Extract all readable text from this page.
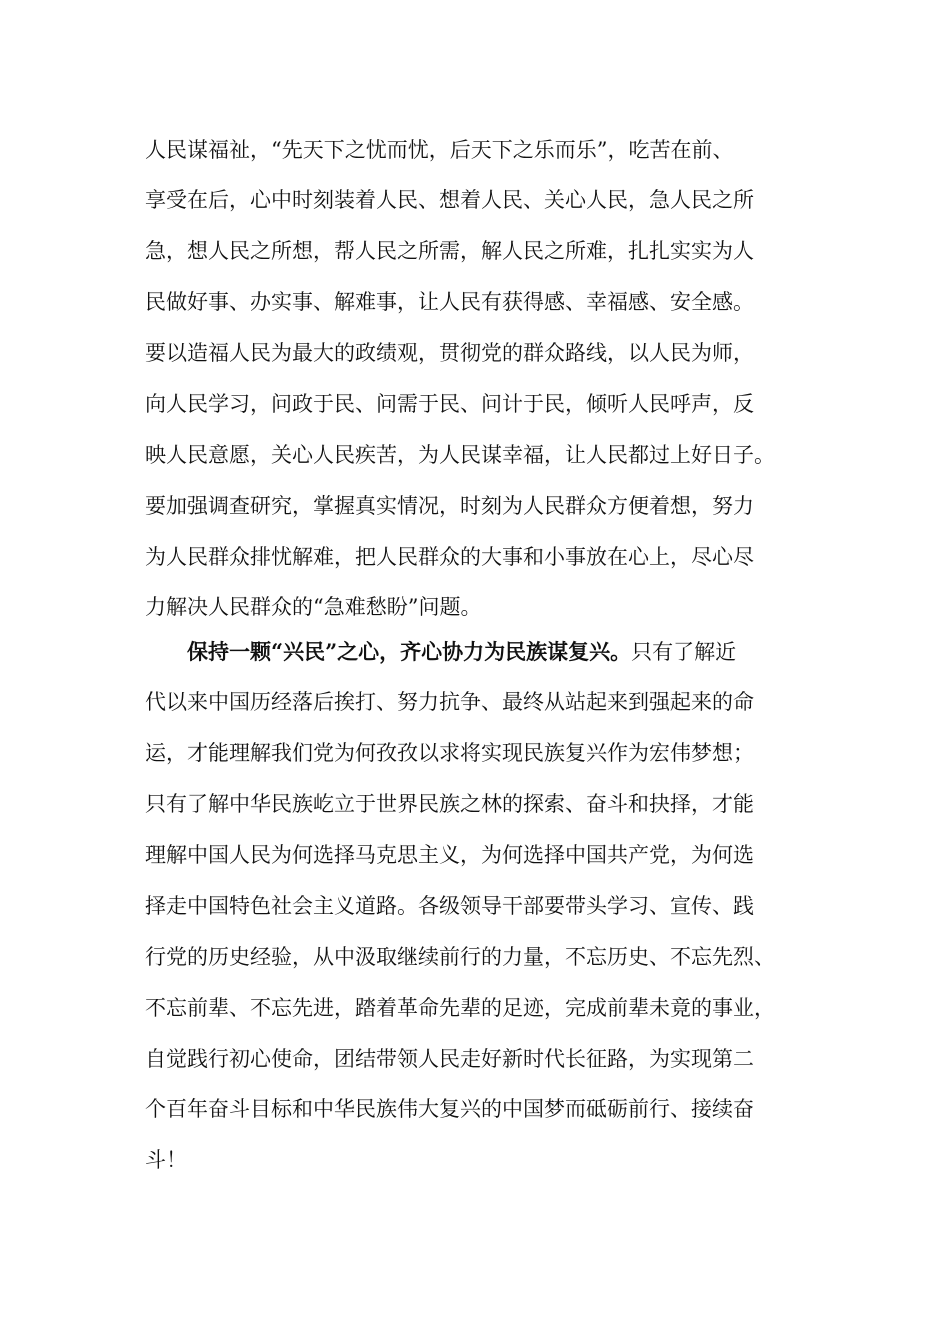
人民谋福祉，“先天下之忧而忧，后天下之乐而乐”，吃苦在前、
享受在后，心中时刻装着人民、想着人民、关心人民，急人民之所
急，想人民之所想，帮人民之所需，解人民之所难，扎扎实实为人
民做好事、办实事、解难事，让人民有获得感、幸福感、安全感。
要以造福人民为最大的政绩观，贯彻党的群众路线，以人民为师，
向人民学习，问政于民、问需于民、问计于民，倾听人民呼声，反
映人民意愿，关心人民疾苦，为人民谋幸福，让人民都过上好日子。
要加强调查研究，掌握真实情况，时刻为人民群众方便着想，努力
为人民群众排忧解难，把人民群众的大事和小事放在心上，尽心尽
力解决人民群众的“急难愁盼”问题。
保持一颗“兴民”之心，齐心协力为民族谋复兴。只有了解近
代以来中国历经落后挨打、努力抗争、最终从站起来到强起来的命
运，才能理解我们党为何孜孜以求将实现民族复兴作为宏伟梦想；
只有了解中华民族屹立于世界民族之林的探索、奋斗和抉择，才能
理解中国人民为何选择马克思主义，为何选择中国共产党，为何选
择走中国特色社会主义道路。各级领导干部要带头学习、宣传、践
行党的历史经验，从中汲取继续前行的力量，不忘历史、不忘先烈、
不忘前辈、不忘先进，踏着革命先辈的足迹，完成前辈未竟的事业，
自觉践行初心使命，团结带领人民走好新时代长征路，为实现第二
个百年奋斗目标和中华民族伟大复兴的中国梦而砥砺前行、接续奋
斗！
